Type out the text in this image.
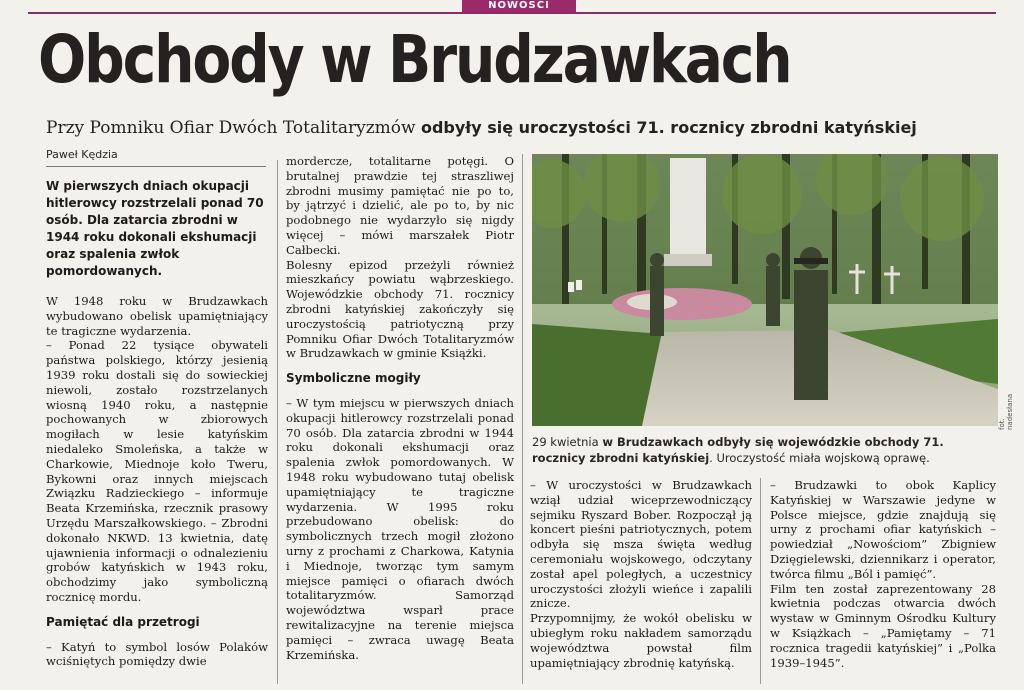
NOWOŚCI
Obchody w Brudzawkach
Przy Pomniku Ofiar Dwóch Totalitaryzmów odbyły się uroczystości 71. rocznicy zbrodni katyńskiej
Paweł Kędzia

W pierwszych dniach okupacji hitlerowcy rozstrzelali ponad 70 osób. Dla zatarcia zbrodni w 1944 roku dokonali ekshumacji oraz spalenia zwłok pomordowanych.

W 1948 roku w Brudzawkach wybudowano obelisk upamiętniający te tragiczne wydarzenia.

– Ponad 22 tysiące obywateli państwa polskiego, którzy jesienią 1939 roku dostali się do sowieckiej niewoli, zostało rozstrzelanych wiosną 1940 roku, a następnie pochowanych w zbiorowych mogiłach w lesie katyńskim niedaleko Smoleńska, a także w Charkowie, Miednoje koło Tweru, Bykowni oraz innych miejscach Związku Radzieckiego – informuje Beata Krzemińska, rzecznik prasowy Urzędu Marszałkowskiego. – Zbrodni dokonało NKWD. 13 kwietnia, datę ujawnienia informacji o odnalezieniu grobów katyńskich w 1943 roku, obchodzimy jako symboliczną rocznicę mordu.

Pamiętać dla przetrogi

– Katyń to symbol losów Polaków wciśniętych pomiędzy dwie

mordercze, totalitarne potęgi. O brutalnej prawdzie tej straszliwej zbrodni musimy pamiętać nie po to, by jątrzyć i dzielić, ale po to, by nic podobnego nie wydarzyło się nigdy więcej – mówi marszałek Piotr Całbecki.

Bolesny epizod przeżyli również mieszkańcy powiatu wąbrzeskiego. Wojewódzkie obchody 71. rocznicy zbrodni katyńskiej zakończyły się uroczystością patriotyczną przy Pomniku Ofiar Dwóch Totalitaryzmów w Brudzawkach w gminie Książki.

Symboliczne mogiły

– W tym miejscu w pierwszych dniach okupacji hitlerowcy rozstrzelali ponad 70 osób. Dla zatarcia zbrodni w 1944 roku dokonali ekshumacji oraz spalenia zwłok pomordowanych. W 1948 roku wybudowano tutaj obelisk upamiętniający te tragiczne wydarzenia. W 1995 roku przebudowano obelisk: do symbolicznych trzech mogił złożono urny z prochami z Charkowa, Katynia i Miednoje, tworząc tym samym miejsce pamięci o ofiarach dwóch totalitaryzmów. Samorząd województwa wsparł prace rewitalizacyjne na terenie miejsca pamięci – zwraca uwagę Beata Krzemińska.

fot. nadesłana
29 kwietnia w Brudzawkach odbyły się wojewódzkie obchody 71. rocznicy zbrodni katyńskiej. Uroczystość miała wojskową oprawę.

– W uroczystości w Brudzawkach wziął udział wiceprzewodniczący sejmiku Ryszard Bober. Rozpoczął ją koncert pieśni patriotycznych, potem odbyła się msza święta według ceremoniału wojskowego, odczytany został apel poległych, a uczestnicy uroczystości złożyli wieńce i zapalili znicze.

Przypomnijmy, że wokół obelisku w ubiegłym roku nakładem samorządu województwa powstał film upamiętniający zbrodnię katyńską.

– Brudzawki to obok Kaplicy Katyńskiej w Warszawie jedyne w Polsce miejsce, gdzie znajdują się urny z prochami ofiar katyńskich – powiedział „Nowościom” Zbigniew Dzięgielewski, dziennikarz i operator, twórca filmu „Ból i pamięć”.

Film ten został zaprezentowany 28 kwietnia podczas otwarcia dwóch wystaw w Gminnym Ośrodku Kultury w Książkach – „Pamiętamy – 71 rocznica tragedii katyńskiej” i „Polka 1939–1945”.
